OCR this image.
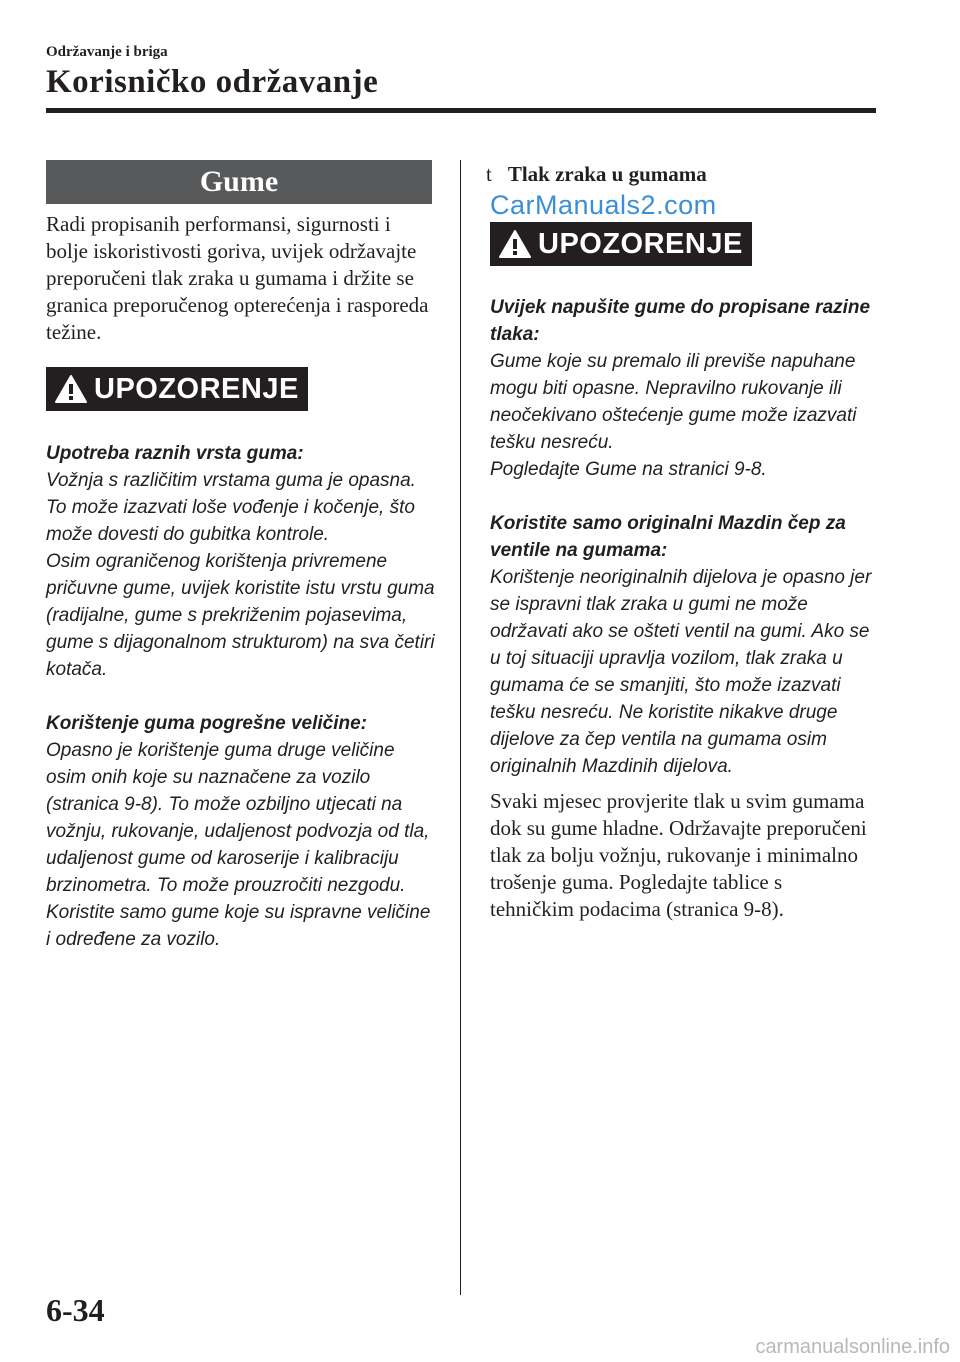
Održavanje i briga
Korisničko održavanje
Gume
Radi propisanih performansi, sigurnosti i bolje iskoristivosti goriva, uvijek održavajte preporučeni tlak zraka u gumama i držite se granica preporučenog opterećenja i rasporeda težine.
UPOZORENJE
Upotreba raznih vrsta guma:
Vožnja s različitim vrstama guma je opasna. To može izazvati loše vođenje i kočenje, što može dovesti do gubitka kontrole.
Osim ograničenog korištenja privremene pričuvne gume, uvijek koristite istu vrstu guma (radijalne, gume s prekriženim pojasevima, gume s dijagonalnom strukturom) na sva četiri kotača.
Korištenje guma pogrešne veličine:
Opasno je korištenje guma druge veličine osim onih koje su naznačene za vozilo (stranica 9-8). To može ozbiljno utjecati na vožnju, rukovanje, udaljenost podvozja od tla, udaljenost gume od karoserije i kalibraciju brzinometra. To može prouzročiti nezgodu. Koristite samo gume koje su ispravne veličine i određene za vozilo.
t Tlak zraka u gumama
CarManuals2.com
UPOZORENJE
Uvijek napušite gume do propisane razine tlaka:
Gume koje su premalo ili previše napuhane mogu biti opasne. Nepravilno rukovanje ili neočekivano oštećenje gume može izazvati tešku nesreću.
Pogledajte Gume na stranici 9-8.
Koristite samo originalni Mazdin čep za ventile na gumama:
Korištenje neoriginalnih dijelova je opasno jer se ispravni tlak zraka u gumi ne može održavati ako se ošteti ventil na gumi. Ako se u toj situaciji upravlja vozilom, tlak zraka u gumama će se smanjiti, što može izazvati tešku nesreću. Ne koristite nikakve druge dijelove za čep ventila na gumama osim originalnih Mazdinih dijelova.
Svaki mjesec provjerite tlak u svim gumama dok su gume hladne. Održavajte preporučeni tlak za bolju vožnju, rukovanje i minimalno trošenje guma. Pogledajte tablice s tehničkim podacima (stranica 9-8).
6-34
carmanualsonline.info
